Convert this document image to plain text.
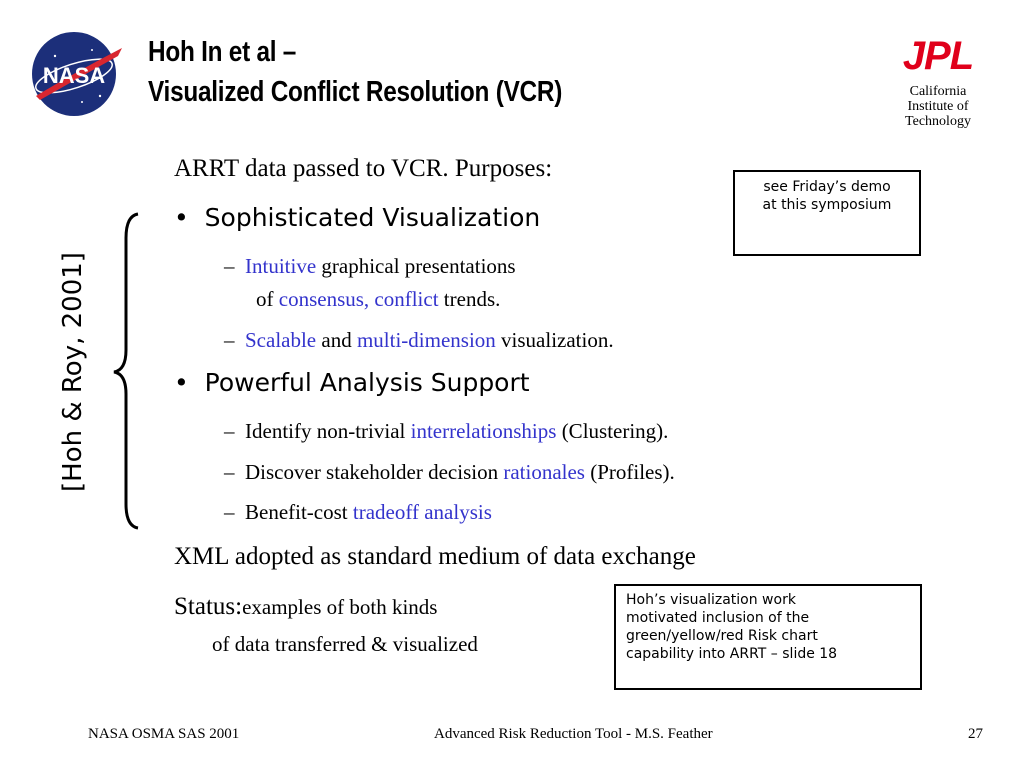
NASA
Hoh In et al –
Visualized Conflict Resolution (VCR)
JPL
California
Institute of
Technology
ARRT data passed to VCR. Purposes:
• Sophisticated Visualization
– Intuitive graphical presentations
of consensus, conflict trends.
– Scalable and multi-dimension visualization.
• Powerful Analysis Support
– Identify non-trivial interrelationships (Clustering).
– Discover stakeholder decision rationales (Profiles).
– Benefit-cost tradeoff analysis
XML adopted as standard medium of data exchange
Status:examples of both kinds
of data transferred & visualized
[Hoh & Roy, 2001]
see Friday’s demo
at this symposium
Hoh’s visualization work
motivated inclusion of the
green/yellow/red Risk chart
capability into ARRT – slide 18
NASA OSMA SAS 2001	Advanced Risk Reduction Tool - M.S. Feather	27
